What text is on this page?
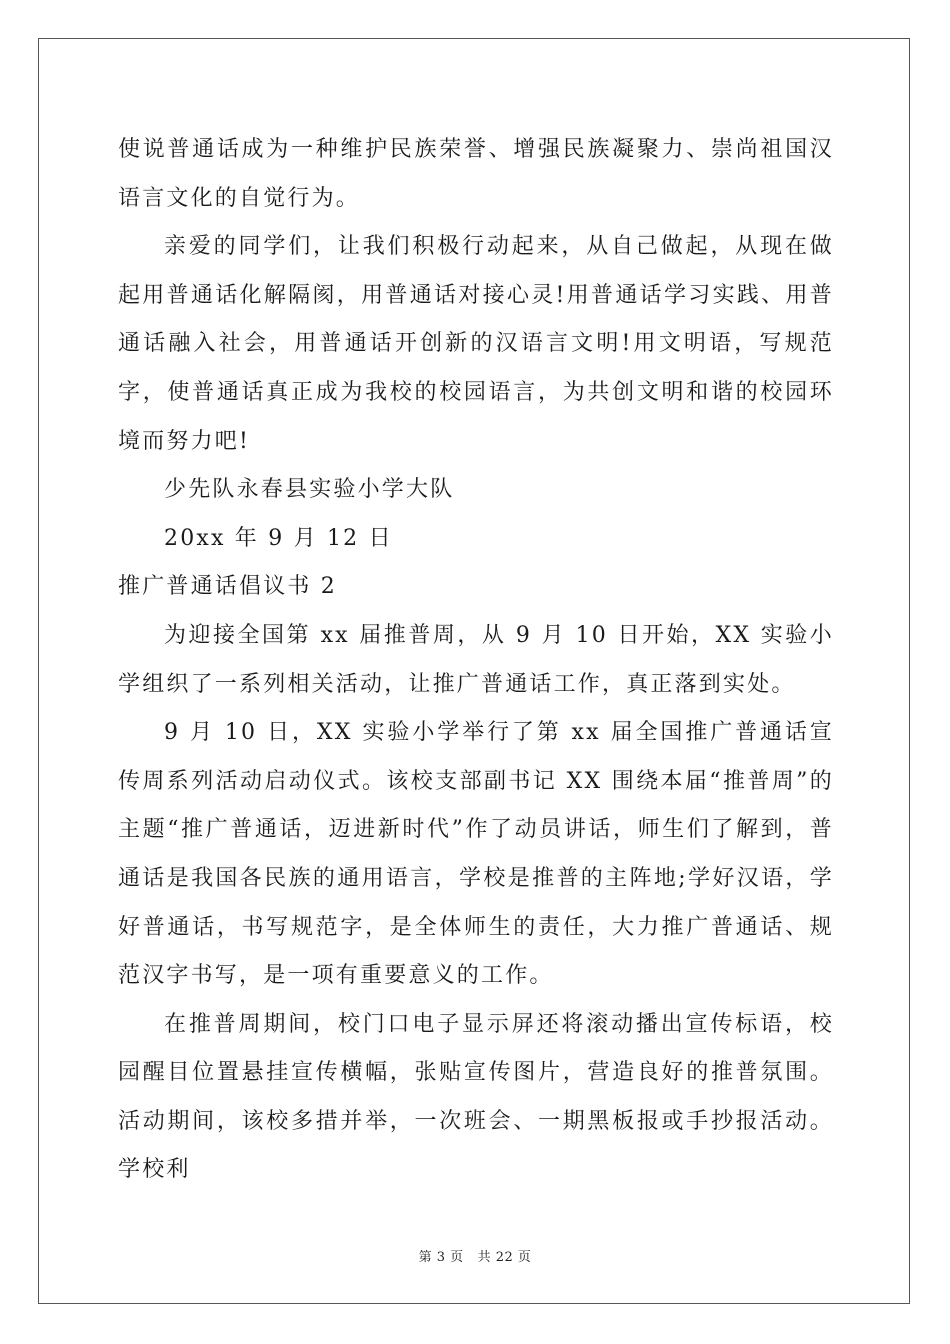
使说普通话成为一种维护民族荣誉、增强民族凝聚力、崇尚祖国汉语言文化的自觉行为。

亲爱的同学们，让我们积极行动起来，从自己做起，从现在做起用普通话化解隔阂，用普通话对接心灵!用普通话学习实践、用普通话融入社会，用普通话开创新的汉语言文明!用文明语，写规范字，使普通话真正成为我校的校园语言，为共创文明和谐的校园环境而努力吧!

少先队永春县实验小学大队

20xx 年 9 月 12 日

推广普通话倡议书 2

为迎接全国第 xx 届推普周，从 9 月 10 日开始，XX 实验小学组织了一系列相关活动，让推广普通话工作，真正落到实处。

9 月 10 日，XX 实验小学举行了第 xx 届全国推广普通话宣传周系列活动启动仪式。该校支部副书记 XX 围绕本届“推普周”的主题“推广普通话，迈进新时代”作了动员讲话，师生们了解到，普通话是我国各民族的通用语言，学校是推普的主阵地;学好汉语，学好普通话，书写规范字，是全体师生的责任，大力推广普通话、规范汉字书写，是一项有重要意义的工作。

在推普周期间，校门口电子显示屏还将滚动播出宣传标语，校园醒目位置悬挂宣传横幅，张贴宣传图片，营造良好的推普氛围。活动期间，该校多措并举，一次班会、一期黑板报或手抄报活动。学校利

第 3 页 共 22 页
